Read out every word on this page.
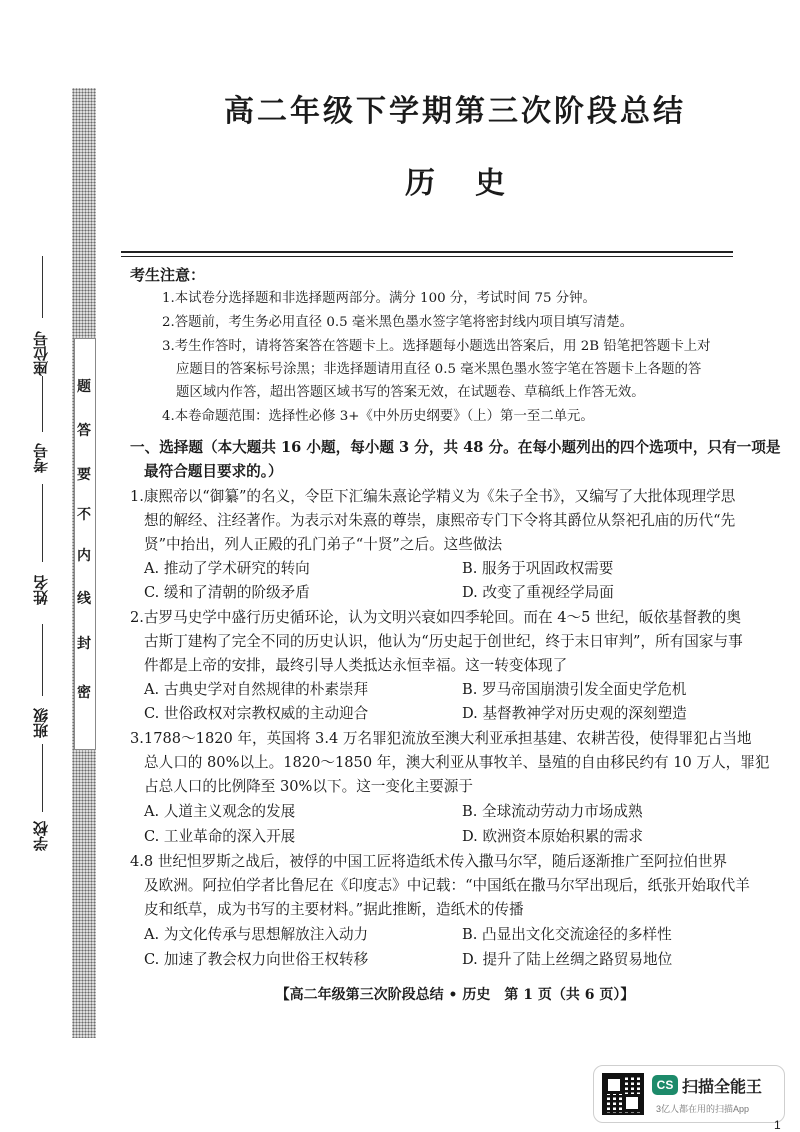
密
封
线
内
不
要
答
题
学校
班级
姓名
考号
座位号
高二年级下学期第三次阶段总结
历史
考生注意：
1.本试卷分选择题和非选择题两部分。满分 100 分，考试时间 75 分钟。
2.答题前，考生务必用直径 0.5 毫米黑色墨水签字笔将密封线内项目填写清楚。
3.考生作答时，请将答案答在答题卡上。选择题每小题选出答案后，用 2B 铅笔把答题卡上对
应题目的答案标号涂黑；非选择题请用直径 0.5 毫米黑色墨水签字笔在答题卡上各题的答
题区域内作答，超出答题区域书写的答案无效，在试题卷、草稿纸上作答无效。
4.本卷命题范围：选择性必修 3+《中外历史纲要》（上）第一至二单元。
一、选择题（本大题共 16 小题，每小题 3 分，共 48 分。在每小题列出的四个选项中，只有一项是
最符合题目要求的。）
1.康熙帝以“御纂”的名义，令臣下汇编朱熹论学精义为《朱子全书》，又编写了大批体现理学思
想的解经、注经著作。为表示对朱熹的尊崇，康熙帝专门下令将其爵位从祭祀孔庙的历代“先
贤”中抬出，列人正殿的孔门弟子“十贤”之后。这些做法
A. 推动了学术研究的转向	B. 服务于巩固政权需要
C. 缓和了清朝的阶级矛盾	D. 改变了重视经学局面
2.古罗马史学中盛行历史循环论，认为文明兴衰如四季轮回。而在 4～5 世纪，皈依基督教的奥
古斯丁建构了完全不同的历史认识，他认为“历史起于创世纪，终于末日审判”，所有国家与事
件都是上帝的安排，最终引导人类抵达永恒幸福。这一转变体现了
A. 古典史学对自然规律的朴素崇拜	B. 罗马帝国崩溃引发全面史学危机
C. 世俗政权对宗教权威的主动迎合	D. 基督教神学对历史观的深刻塑造
3.1788～1820 年，英国将 3.4 万名罪犯流放至澳大利亚承担基建、农耕苦役，使得罪犯占当地
总人口的 80%以上。1820～1850 年，澳大利亚从事牧羊、垦殖的自由移民约有 10 万人，罪犯
占总人口的比例降至 30%以下。这一变化主要源于
A. 人道主义观念的发展	B. 全球流动劳动力市场成熟
C. 工业革命的深入开展	D. 欧洲资本原始积累的需求
4.8 世纪怛罗斯之战后，被俘的中国工匠将造纸术传入撒马尔罕，随后逐渐推广至阿拉伯世界
及欧洲。阿拉伯学者比鲁尼在《印度志》中记载：“中国纸在撒马尔罕出现后，纸张开始取代羊
皮和纸草，成为书写的主要材料。”据此推断，造纸术的传播
A. 为文化传承与思想解放注入动力	B. 凸显出文化交流途径的多样性
C. 加速了教会权力向世俗王权转移	D. 提升了陆上丝绸之路贸易地位
【高二年级第三次阶段总结 • 历史　第 1 页（共 6 页）】
CS 扫描全能王
3亿人都在用的扫描App
1
